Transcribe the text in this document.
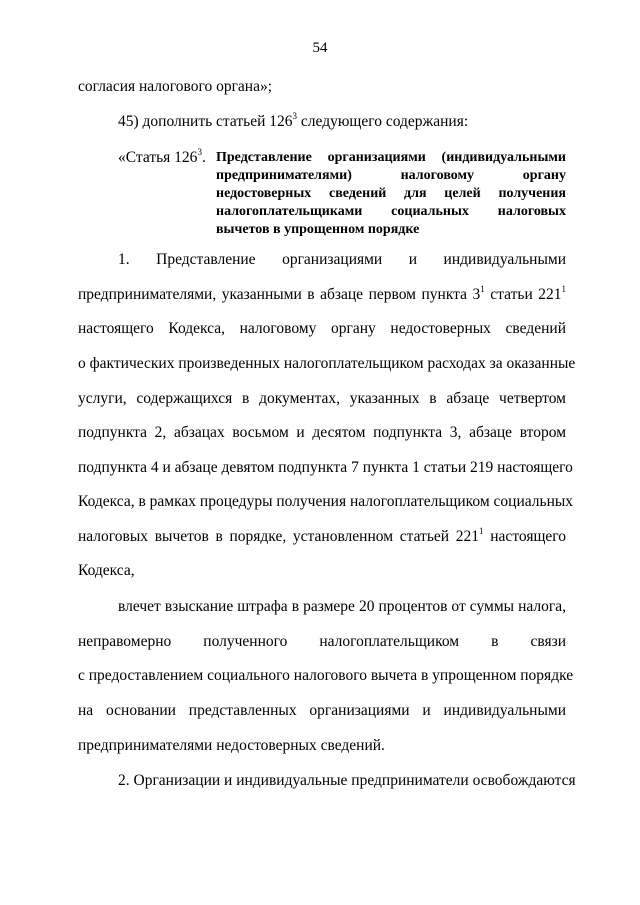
54
согласия налогового органа»;
45) дополнить статьей $126^3$ следующего содержания:
«Статья $126^3$. Представление организациями (индивидуальными
предпринимателями) налоговому органу
недостоверных сведений для целей получения
налогоплательщиками социальных налоговых
вычетов в упрощенном порядке
1. Представление организациями и индивидуальными
предпринимателями, указанными в абзаце первом пункта $3^1$ статьи $221^1$
настоящего Кодекса, налоговому органу недостоверных сведений
о фактических произведенных налогоплательщиком расходах за оказанные
услуги, содержащихся в документах, указанных в абзаце четвертом
подпункта 2, абзацах восьмом и десятом подпункта 3, абзаце втором
подпункта 4 и абзаце девятом подпункта 7 пункта 1 статьи 219 настоящего
Кодекса, в рамках процедуры получения налогоплательщиком социальных
налоговых вычетов в порядке, установленном статьей $221^1$ настоящего
Кодекса,
влечет взыскание штрафа в размере 20 процентов от суммы налога,
неправомерно полученного налогоплательщиком в связи
с предоставлением социального налогового вычета в упрощенном порядке
на основании представленных организациями и индивидуальными
предпринимателями недостоверных сведений.
2. Организации и индивидуальные предприниматели освобождаются
